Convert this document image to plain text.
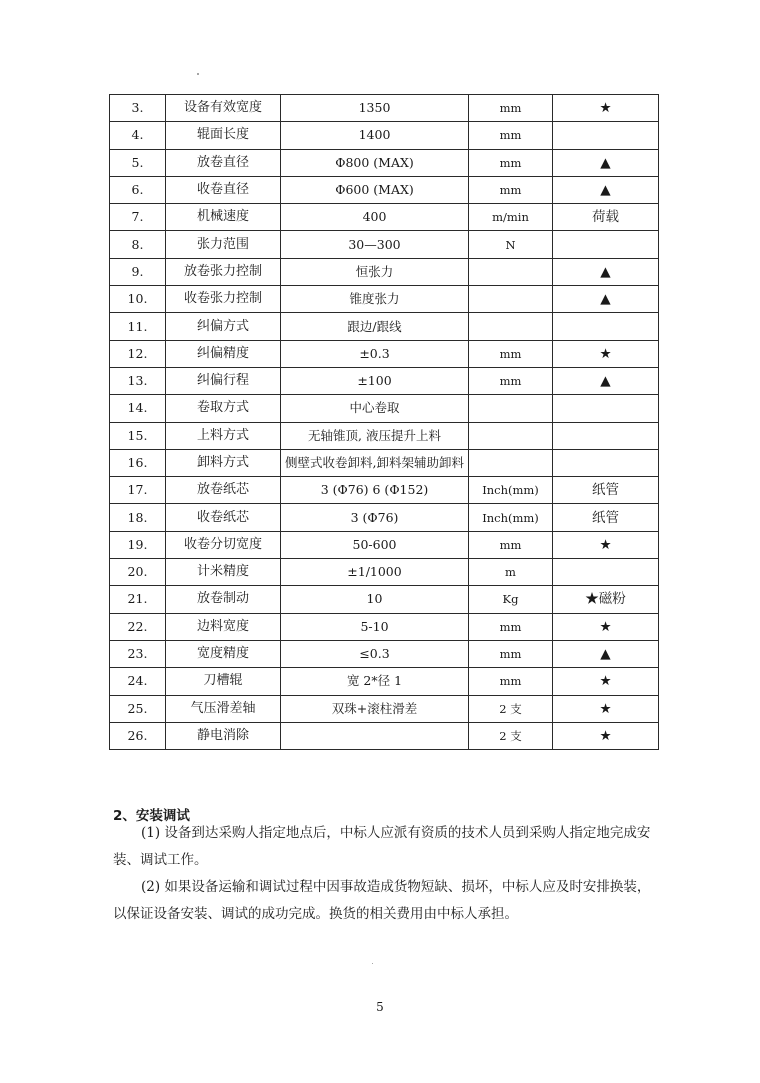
3.	设备有效宽度	1350	mm	★
4.	辊面长度	1400	mm	
5.	放卷直径	Φ800 (MAX)	mm	▲
6.	收卷直径	Φ600 (MAX)	mm	▲
7.	机械速度	400	m/min	荷载
8.	张力范围	30—300	N	
9.	放卷张力控制	恒张力		▲
10.	收卷张力控制	锥度张力		▲
11.	纠偏方式	跟边/跟线		
12.	纠偏精度	±0.3	mm	★
13.	纠偏行程	±100	mm	▲
14.	卷取方式	中心卷取		
15.	上料方式	无轴锥顶, 液压提升上料		
16.	卸料方式	侧壁式收卷卸料,卸料架辅助卸料		
17.	放卷纸芯	3 (Φ76) 6 (Φ152)	Inch(mm)	纸管
18.	收卷纸芯	3 (Φ76)	Inch(mm)	纸管
19.	收卷分切宽度	50-600	mm	★
20.	计米精度	±1/1000	m	
21.	放卷制动	10	Kg	★磁粉
22.	边料宽度	5-10	mm	★
23.	宽度精度	≤0.3	mm	▲
24.	刀槽辊	宽 2*径 1	mm	★
25.	气压滑差轴	双珠+滚柱滑差	2 支	★
26.	静电消除		2 支	★
2、安装调试

(1) 设备到达采购人指定地点后，中标人应派有资质的技术人员到采购人指定地完成安装、调试工作。

(2) 如果设备运输和调试过程中因事故造成货物短缺、损坏，中标人应及时安排换装，以保证设备安装、调试的成功完成。换货的相关费用由中标人承担。

5
